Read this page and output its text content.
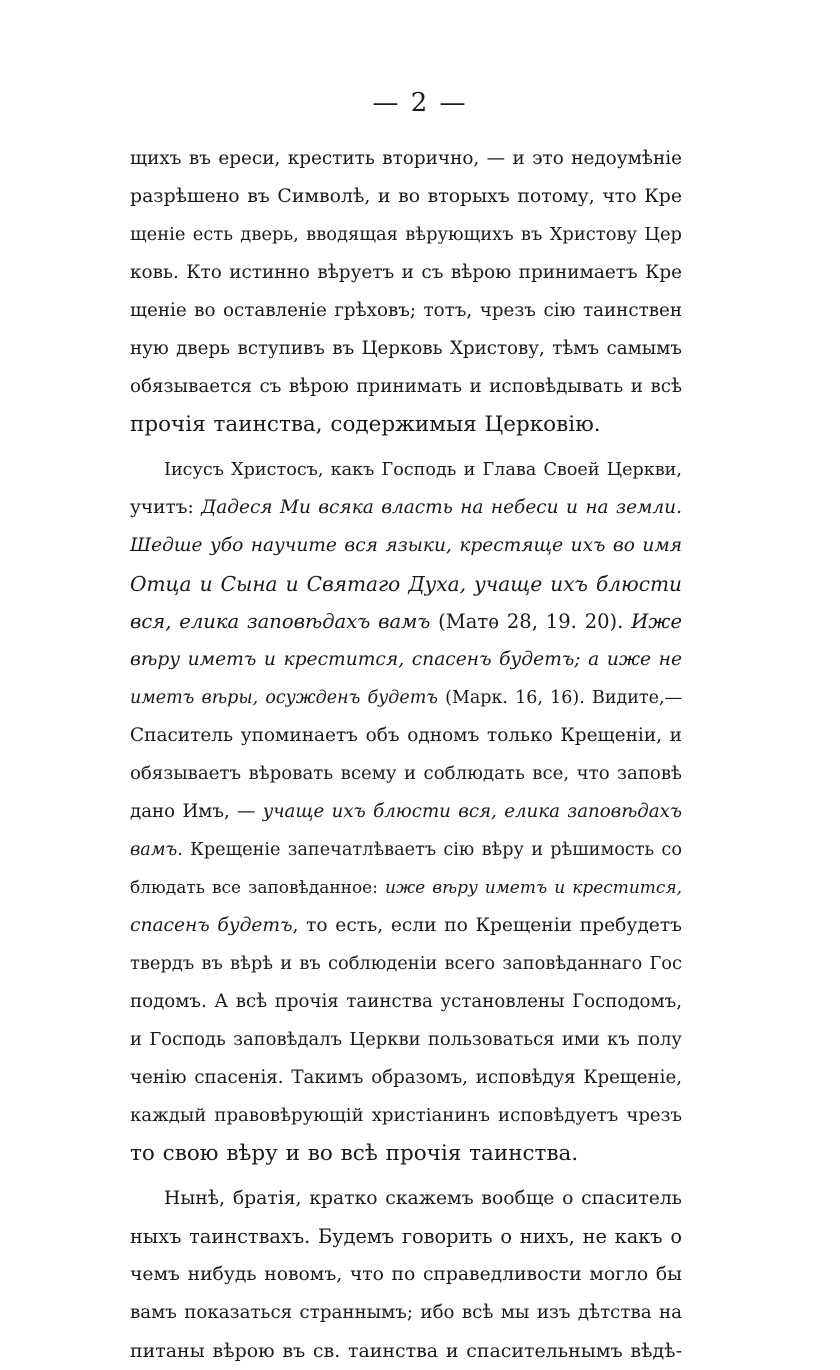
— 2 —
щихъ въ ереси, крестить вторично, — и это недоумѣніе
разрѣшено въ Символѣ, и во вторыхъ потому, что Кре
щеніе есть дверь, вводящая вѣрующихъ въ Христову Цер
ковь. Кто истинно вѣруетъ и съ вѣрою принимаетъ Кре
щеніе во оставленіе грѣховъ; тотъ, чрезъ сію таинствен
ную дверь вступивъ въ Церковь Христову, тѣмъ самымъ
обязывается съ вѣрою принимать и исповѣдывать и всѣ
прочія таинства, содержимыя Церковію.
Іисусъ Христосъ, какъ Господь и Глава Своей Церкви,
учитъ: Дадеся Ми всяка власть на небеси и на земли.
Шедше убо научите вся языки, крестяще ихъ во имя
Отца и Сына и Святаго Духа, учаще ихъ блюсти
вся, елика заповѣдахъ вамъ (Матѳ 28, 19. 20). Иже
вѣру иметъ и крестится, спасенъ будетъ; а иже не
иметъ вѣры, осужденъ будетъ (Марк. 16, 16). Видите,—
Спаситель упоминаетъ объ одномъ только Крещеніи, и
обязываетъ вѣровать всему и соблюдать все, что заповѣ
дано Имъ, — учаще ихъ блюсти вся, елика заповѣдахъ
вамъ. Крещеніе запечатлѣваетъ сію вѣру и рѣшимость со
блюдать все заповѣданное: иже вѣру иметъ и крестится,
спасенъ будетъ, то есть, если по Крещеніи пребудетъ
твердъ въ вѣрѣ и въ соблюденіи всего заповѣданнаго Гос
подомъ. А всѣ прочія таинства установлены Господомъ,
и Господь заповѣдалъ Церкви пользоваться ими къ полу
ченію спасенія. Такимъ образомъ, исповѣдуя Крещеніе,
каждый правовѣрующій христіанинъ исповѣдуетъ чрезъ
то свою вѣру и во всѣ прочія таинства.
Нынѣ, братія, кратко скажемъ вообще о спаситель
ныхъ таинствахъ. Будемъ говорить о нихъ, не какъ о
чемъ нибудь новомъ, что по справедливости могло бы
вамъ показаться страннымъ; ибо всѣ мы изъ дѣтства на
питаны вѣрою въ св. таинства и спасительнымъ вѣдѣ-
